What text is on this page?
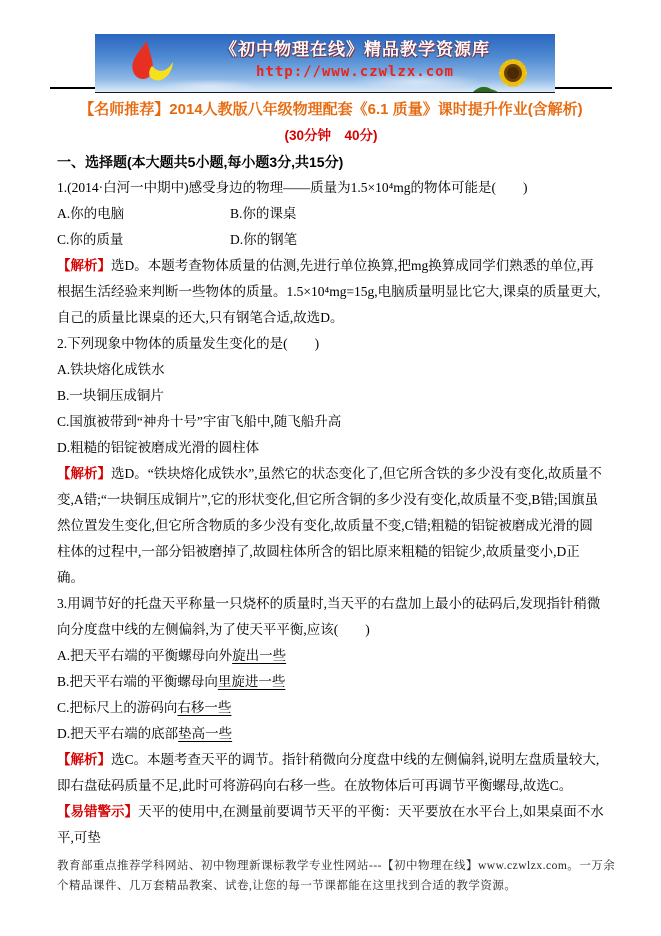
《初中物理在线》精品教学资源库
http://www.czwlzx.com
【名师推荐】2014人教版八年级物理配套《6.1 质量》课时提升作业(含解析)
(30分钟　40分)
一、选择题(本大题共5小题,每小题3分,共15分)

1.(2014·白河一中期中)感受身边的物理——质量为1.5×10⁴mg的物体可能是(　　)

A.你的电脑	B.你的课桌
C.你的质量	D.你的钢笔

【解析】选D。本题考查物体质量的估测,先进行单位换算,把mg换算成同学们熟悉的单位,再根据生活经验来判断一些物体的质量。1.5×10⁴mg=15g,电脑质量明显比它大,课桌的质量更大,自己的质量比课桌的还大,只有钢笔合适,故选D。

2.下列现象中物体的质量发生变化的是(　　)

A.铁块熔化成铁水
B.一块铜压成铜片
C.国旗被带到“神舟十号”宇宙飞船中,随飞船升高
D.粗糙的铝锭被磨成光滑的圆柱体

【解析】选D。“铁块熔化成铁水”,虽然它的状态变化了,但它所含铁的多少没有变化,故质量不变,A错;“一块铜压成铜片”,它的形状变化,但它所含铜的多少没有变化,故质量不变,B错;国旗虽然位置发生变化,但它所含物质的多少没有变化,故质量不变,C错;粗糙的铝锭被磨成光滑的圆柱体的过程中,一部分铝被磨掉了,故圆柱体所含的铝比原来粗糙的铝锭少,故质量变小,D正确。

3.用调节好的托盘天平称量一只烧杯的质量时,当天平的右盘加上最小的砝码后,发现指针稍微向分度盘中线的左侧偏斜,为了使天平平衡,应该(　　)

A.把天平右端的平衡螺母向外旋出一些
B.把天平右端的平衡螺母向里旋进一些
C.把标尺上的游码向右移一些
D.把天平右端的底部垫高一些

【解析】选C。本题考查天平的调节。指针稍微向分度盘中线的左侧偏斜,说明左盘质量较大,即右盘砝码质量不足,此时可将游码向右移一些。在放物体后可再调节平衡螺母,故选C。

【易错警示】天平的使用中,在测量前要调节天平的平衡：天平要放在水平台上,如果桌面不水平,可垫

教育部重点推荐学科网站、初中物理新课标教学专业性网站---【初中物理在线】www.czwlzx.com。一万余个精品课件、几万套精品教案、试卷,让您的每一节课都能在这里找到合适的教学资源。
